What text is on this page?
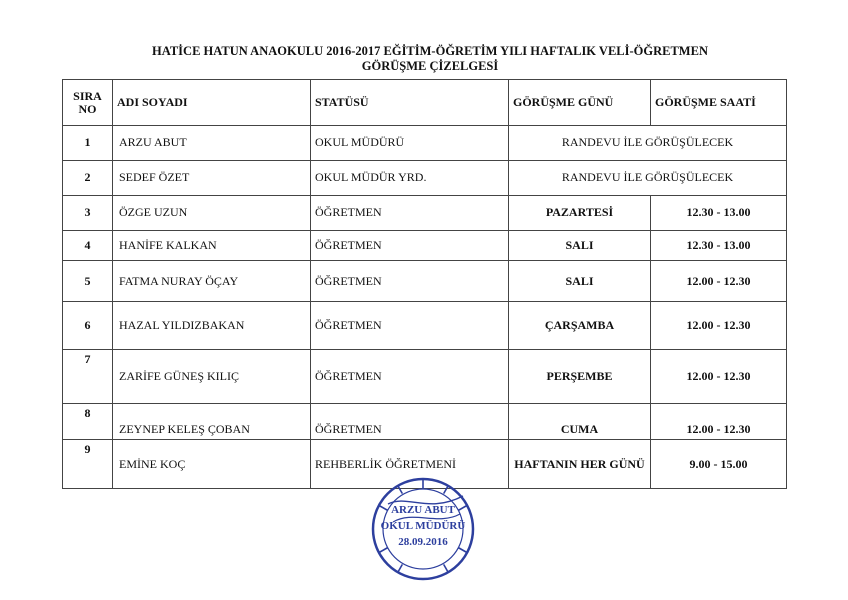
HATİCE HATUN ANAOKULU 2016-2017 EĞİTİM-ÖĞRETİM YILI HAFTALIK VELİ-ÖĞRETMEN
GÖRÜŞME ÇİZELGESİ
SIRA NO	ADI SOYADI	STATÜSÜ	GÖRÜŞME GÜNÜ	GÖRÜŞME SAATİ
1	ARZU ABUT	OKUL MÜDÜRÜ	RANDEVU İLE GÖRÜŞÜLECEK	
2	SEDEF ÖZET	OKUL MÜDÜR YRD.	RANDEVU İLE GÖRÜŞÜLECEK	
3	ÖZGE UZUN	ÖĞRETMEN	PAZARTESİ	12.30 - 13.00
4	HANİFE KALKAN	ÖĞRETMEN	SALI	12.30 - 13.00
5	FATMA NURAY ÖÇAY	ÖĞRETMEN	SALI	12.00 - 12.30
6	HAZAL YILDIZBAKAN	ÖĞRETMEN	ÇARŞAMBA	12.00 - 12.30
7	ZARİFE GÜNEŞ KILIÇ	ÖĞRETMEN	PERŞEMBE	12.00 - 12.30
8	ZEYNEP KELEŞ ÇOBAN	ÖĞRETMEN	CUMA	12.00 - 12.30
9	EMİNE KOÇ	REHBERLİK ÖĞRETMENİ	HAFTANIN HER GÜNÜ	9.00 - 15.00
ARZU ABUT
OKUL MÜDÜRÜ
28.09.2016
